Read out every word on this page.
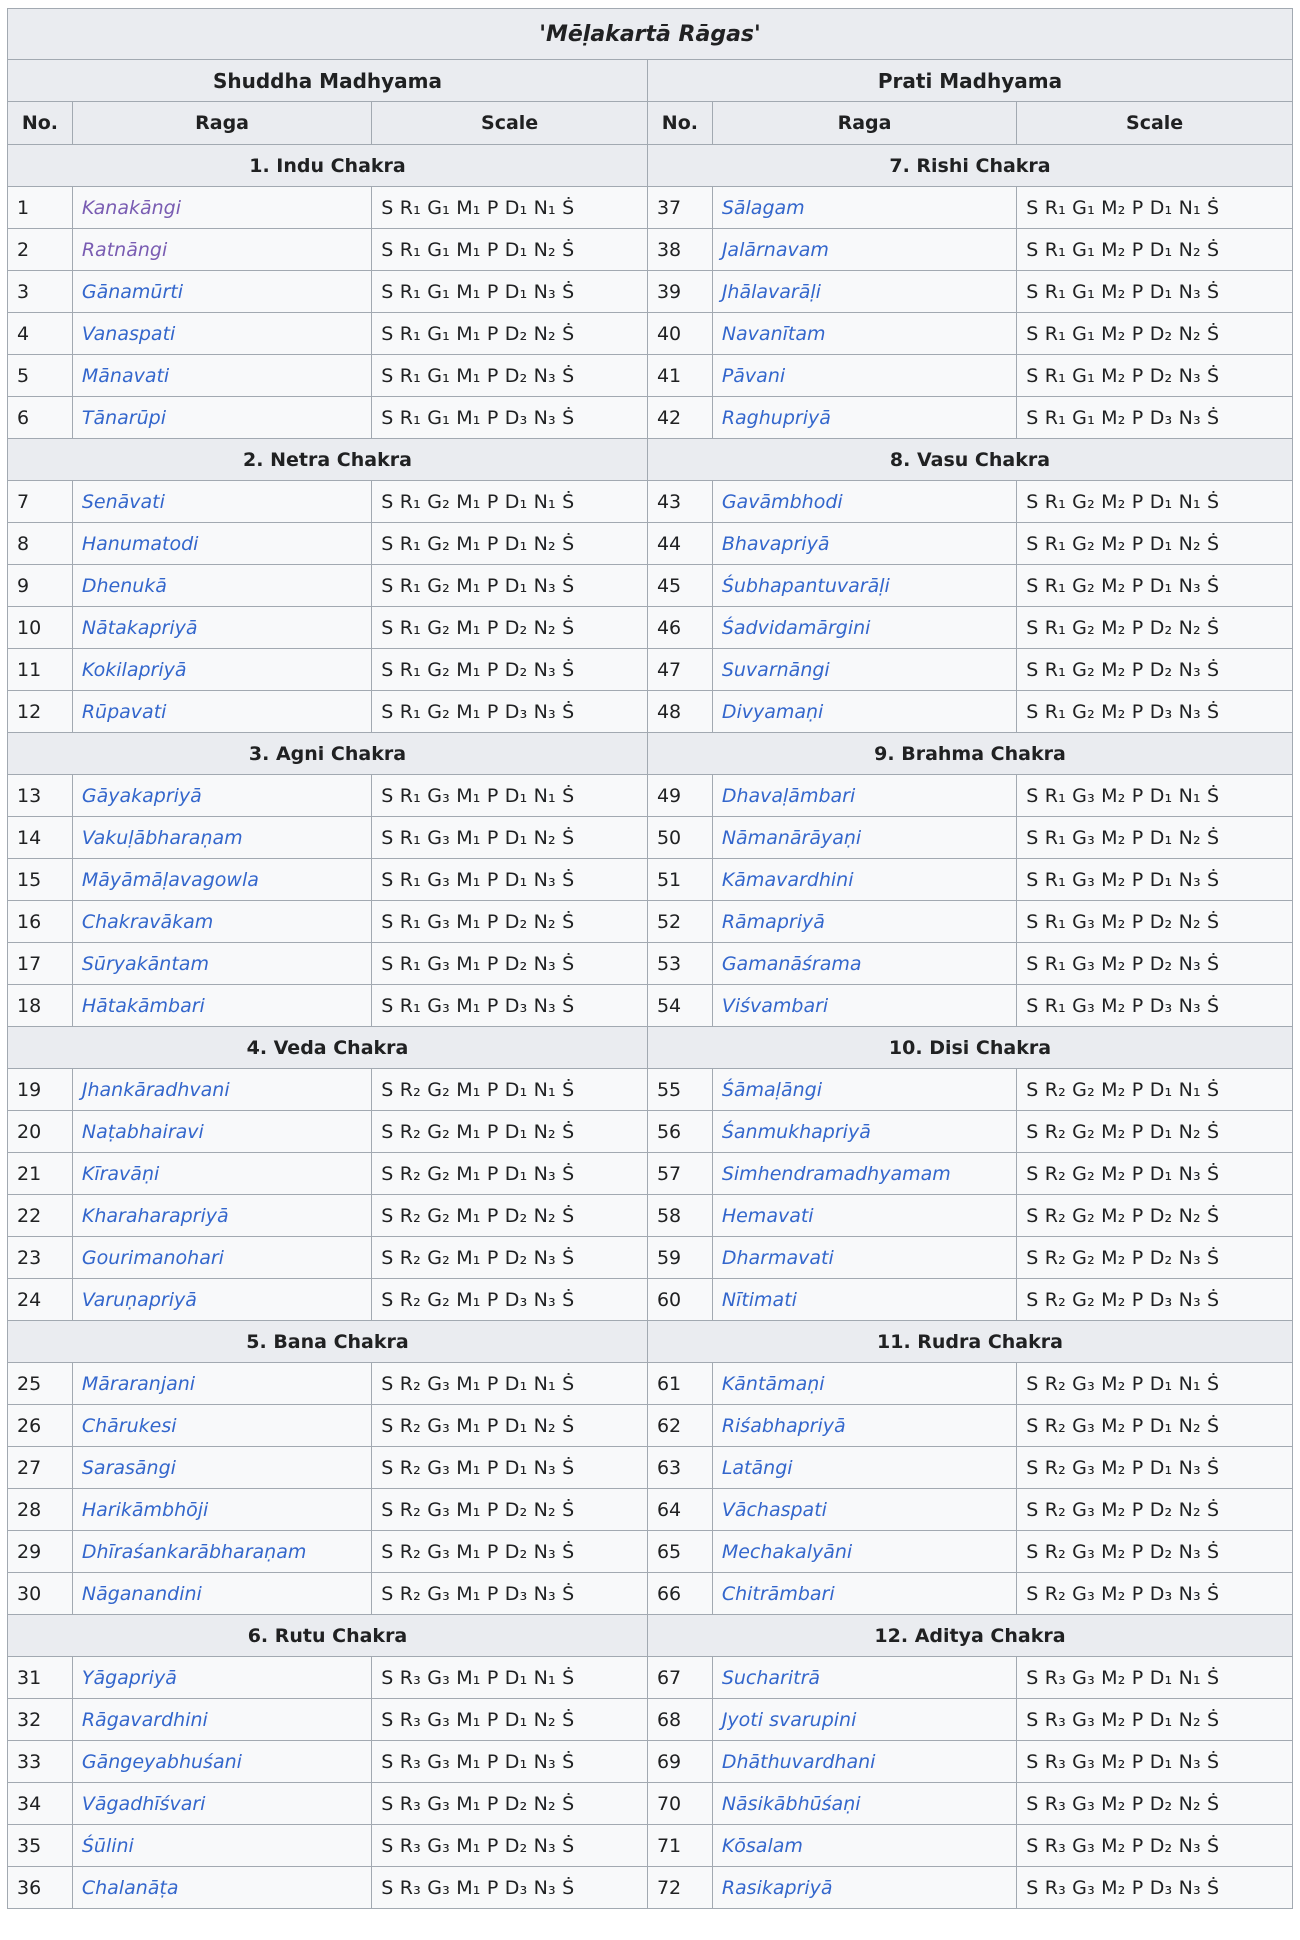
'Mēḷakartā Rāgas'					
Shuddha Madhyama			Prati Madhyama		
No.	Raga	Scale	No.	Raga	Scale
1. Indu Chakra			7. Rishi Chakra		
1	Kanakāngi	S R₁ G₁ M₁ P D₁ N₁ Ṡ	37	Sālagam	S R₁ G₁ M₂ P D₁ N₁ Ṡ
2	Ratnāngi	S R₁ G₁ M₁ P D₁ N₂ Ṡ	38	Jalārnavam	S R₁ G₁ M₂ P D₁ N₂ Ṡ
3	Gānamūrti	S R₁ G₁ M₁ P D₁ N₃ Ṡ	39	Jhālavarāḷi	S R₁ G₁ M₂ P D₁ N₃ Ṡ
4	Vanaspati	S R₁ G₁ M₁ P D₂ N₂ Ṡ	40	Navanītam	S R₁ G₁ M₂ P D₂ N₂ Ṡ
5	Mānavati	S R₁ G₁ M₁ P D₂ N₃ Ṡ	41	Pāvani	S R₁ G₁ M₂ P D₂ N₃ Ṡ
6	Tānarūpi	S R₁ G₁ M₁ P D₃ N₃ Ṡ	42	Raghupriyā	S R₁ G₁ M₂ P D₃ N₃ Ṡ
2. Netra Chakra			8. Vasu Chakra		
7	Senāvati	S R₁ G₂ M₁ P D₁ N₁ Ṡ	43	Gavāmbhodi	S R₁ G₂ M₂ P D₁ N₁ Ṡ
8	Hanumatodi	S R₁ G₂ M₁ P D₁ N₂ Ṡ	44	Bhavapriyā	S R₁ G₂ M₂ P D₁ N₂ Ṡ
9	Dhenukā	S R₁ G₂ M₁ P D₁ N₃ Ṡ	45	Śubhapantuvarāḷi	S R₁ G₂ M₂ P D₁ N₃ Ṡ
10	Nātakapriyā	S R₁ G₂ M₁ P D₂ N₂ Ṡ	46	Śadvidamārgini	S R₁ G₂ M₂ P D₂ N₂ Ṡ
11	Kokilapriyā	S R₁ G₂ M₁ P D₂ N₃ Ṡ	47	Suvarnāngi	S R₁ G₂ M₂ P D₂ N₃ Ṡ
12	Rūpavati	S R₁ G₂ M₁ P D₃ N₃ Ṡ	48	Divyamaṇi	S R₁ G₂ M₂ P D₃ N₃ Ṡ
3. Agni Chakra			9. Brahma Chakra		
13	Gāyakapriyā	S R₁ G₃ M₁ P D₁ N₁ Ṡ	49	Dhavaḷāmbari	S R₁ G₃ M₂ P D₁ N₁ Ṡ
14	Vakuḷābharaṇam	S R₁ G₃ M₁ P D₁ N₂ Ṡ	50	Nāmanārāyaṇi	S R₁ G₃ M₂ P D₁ N₂ Ṡ
15	Māyāmāḷavagowla	S R₁ G₃ M₁ P D₁ N₃ Ṡ	51	Kāmavardhini	S R₁ G₃ M₂ P D₁ N₃ Ṡ
16	Chakravākam	S R₁ G₃ M₁ P D₂ N₂ Ṡ	52	Rāmapriyā	S R₁ G₃ M₂ P D₂ N₂ Ṡ
17	Sūryakāntam	S R₁ G₃ M₁ P D₂ N₃ Ṡ	53	Gamanāśrama	S R₁ G₃ M₂ P D₂ N₃ Ṡ
18	Hātakāmbari	S R₁ G₃ M₁ P D₃ N₃ Ṡ	54	Viśvambari	S R₁ G₃ M₂ P D₃ N₃ Ṡ
4. Veda Chakra			10. Disi Chakra		
19	Jhankāradhvani	S R₂ G₂ M₁ P D₁ N₁ Ṡ	55	Śāmaḷāngi	S R₂ G₂ M₂ P D₁ N₁ Ṡ
20	Naṭabhairavi	S R₂ G₂ M₁ P D₁ N₂ Ṡ	56	Śanmukhapriyā	S R₂ G₂ M₂ P D₁ N₂ Ṡ
21	Kīravāṇi	S R₂ G₂ M₁ P D₁ N₃ Ṡ	57	Simhendramadhyamam	S R₂ G₂ M₂ P D₁ N₃ Ṡ
22	Kharaharapriyā	S R₂ G₂ M₁ P D₂ N₂ Ṡ	58	Hemavati	S R₂ G₂ M₂ P D₂ N₂ Ṡ
23	Gourimanohari	S R₂ G₂ M₁ P D₂ N₃ Ṡ	59	Dharmavati	S R₂ G₂ M₂ P D₂ N₃ Ṡ
24	Varuṇapriyā	S R₂ G₂ M₁ P D₃ N₃ Ṡ	60	Nītimati	S R₂ G₂ M₂ P D₃ N₃ Ṡ
5. Bana Chakra			11. Rudra Chakra		
25	Māraranjani	S R₂ G₃ M₁ P D₁ N₁ Ṡ	61	Kāntāmaṇi	S R₂ G₃ M₂ P D₁ N₁ Ṡ
26	Chārukesi	S R₂ G₃ M₁ P D₁ N₂ Ṡ	62	Riśabhapriyā	S R₂ G₃ M₂ P D₁ N₂ Ṡ
27	Sarasāngi	S R₂ G₃ M₁ P D₁ N₃ Ṡ	63	Latāngi	S R₂ G₃ M₂ P D₁ N₃ Ṡ
28	Harikāmbhōji	S R₂ G₃ M₁ P D₂ N₂ Ṡ	64	Vāchaspati	S R₂ G₃ M₂ P D₂ N₂ Ṡ
29	Dhīraśankarābharaṇam	S R₂ G₃ M₁ P D₂ N₃ Ṡ	65	Mechakalyāni	S R₂ G₃ M₂ P D₂ N₃ Ṡ
30	Nāganandini	S R₂ G₃ M₁ P D₃ N₃ Ṡ	66	Chitrāmbari	S R₂ G₃ M₂ P D₃ N₃ Ṡ
6. Rutu Chakra			12. Aditya Chakra		
31	Yāgapriyā	S R₃ G₃ M₁ P D₁ N₁ Ṡ	67	Sucharitrā	S R₃ G₃ M₂ P D₁ N₁ Ṡ
32	Rāgavardhini	S R₃ G₃ M₁ P D₁ N₂ Ṡ	68	Jyoti svarupini	S R₃ G₃ M₂ P D₁ N₂ Ṡ
33	Gāngeyabhuśani	S R₃ G₃ M₁ P D₁ N₃ Ṡ	69	Dhāthuvardhani	S R₃ G₃ M₂ P D₁ N₃ Ṡ
34	Vāgadhīśvari	S R₃ G₃ M₁ P D₂ N₂ Ṡ	70	Nāsikābhūśaṇi	S R₃ G₃ M₂ P D₂ N₂ Ṡ
35	Śūlini	S R₃ G₃ M₁ P D₂ N₃ Ṡ	71	Kōsalam	S R₃ G₃ M₂ P D₂ N₃ Ṡ
36	Chalanāṭa	S R₃ G₃ M₁ P D₃ N₃ Ṡ	72	Rasikapriyā	S R₃ G₃ M₂ P D₃ N₃ Ṡ
